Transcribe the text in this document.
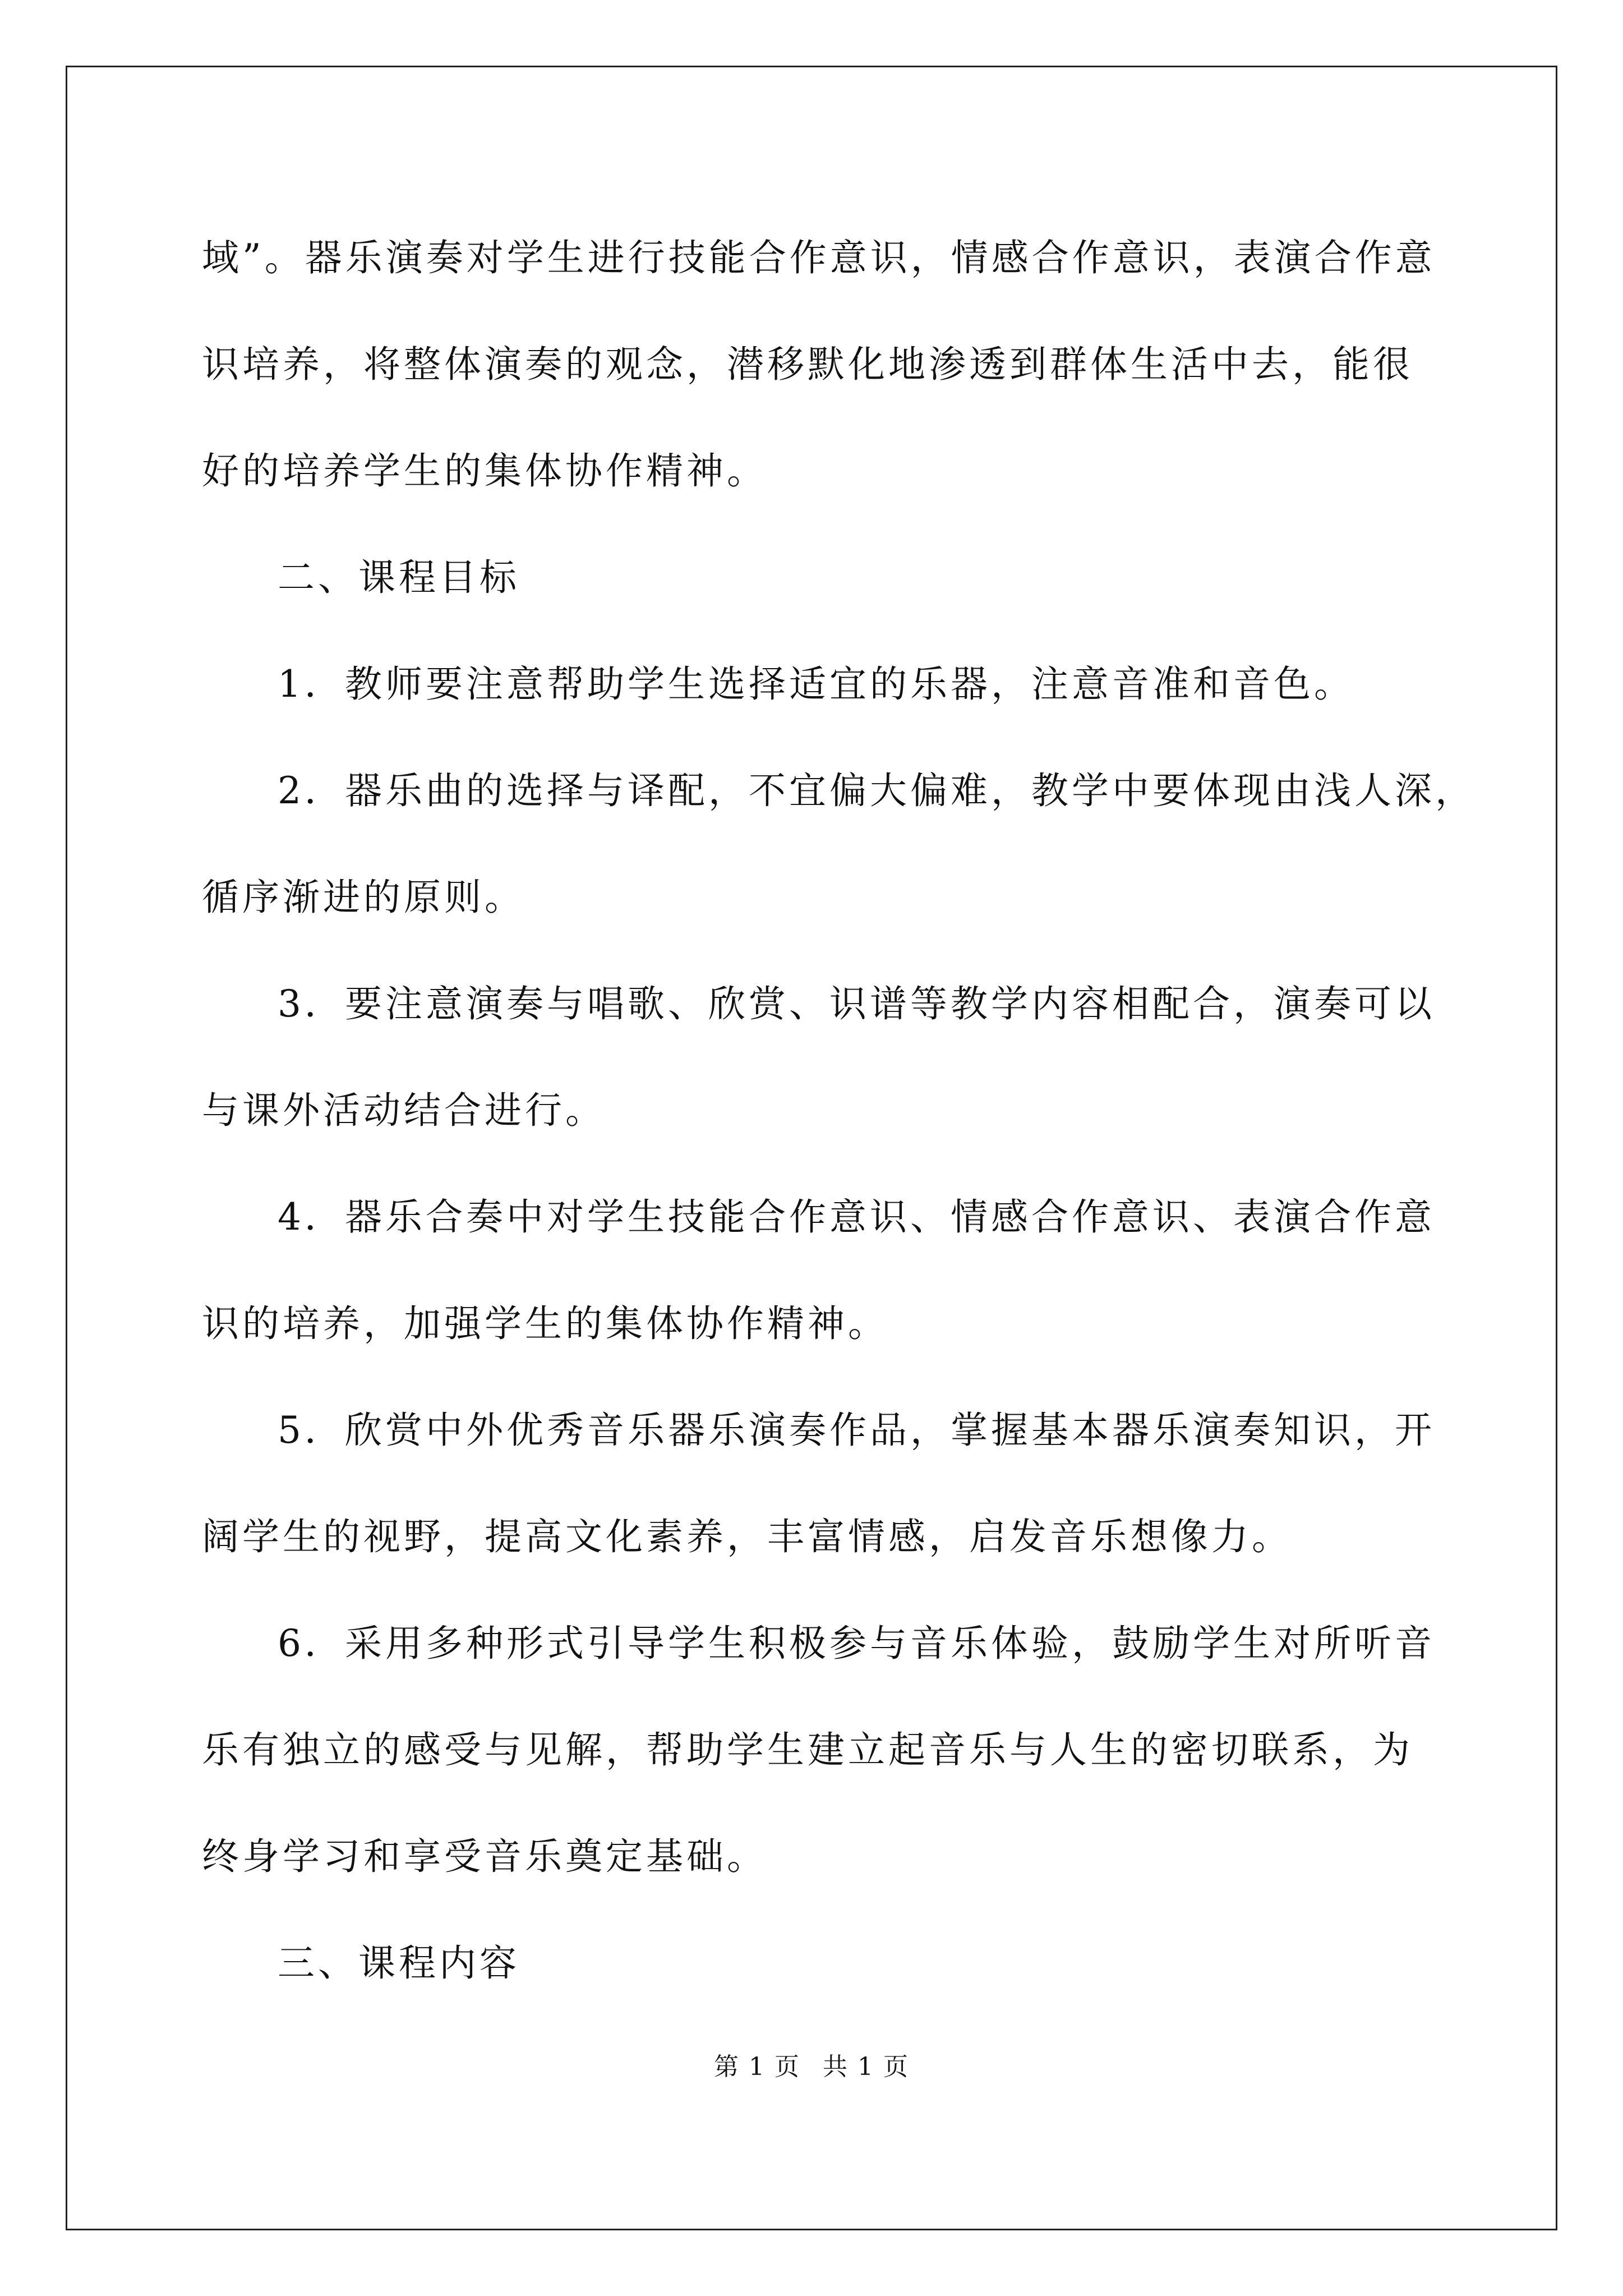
域”。器乐演奏对学生进行技能合作意识，情感合作意识，表演合作意
识培养，将整体演奏的观念，潜移默化地渗透到群体生活中去，能很
好的培养学生的集体协作精神。
二、课程目标
1．教师要注意帮助学生选择适宜的乐器，注意音准和音色。
2．器乐曲的选择与译配，不宜偏大偏难，教学中要体现由浅人深，
循序渐进的原则。
3．要注意演奏与唱歌、欣赏、识谱等教学内容相配合，演奏可以
与课外活动结合进行。
4．器乐合奏中对学生技能合作意识、情感合作意识、表演合作意
识的培养，加强学生的集体协作精神。
5．欣赏中外优秀音乐器乐演奏作品，掌握基本器乐演奏知识，开
阔学生的视野，提高文化素养，丰富情感，启发音乐想像力。
6．采用多种形式引导学生积极参与音乐体验，鼓励学生对所听音
乐有独立的感受与见解，帮助学生建立起音乐与人生的密切联系，为
终身学习和享受音乐奠定基础。
三、课程内容
第 1 页 共 1 页
